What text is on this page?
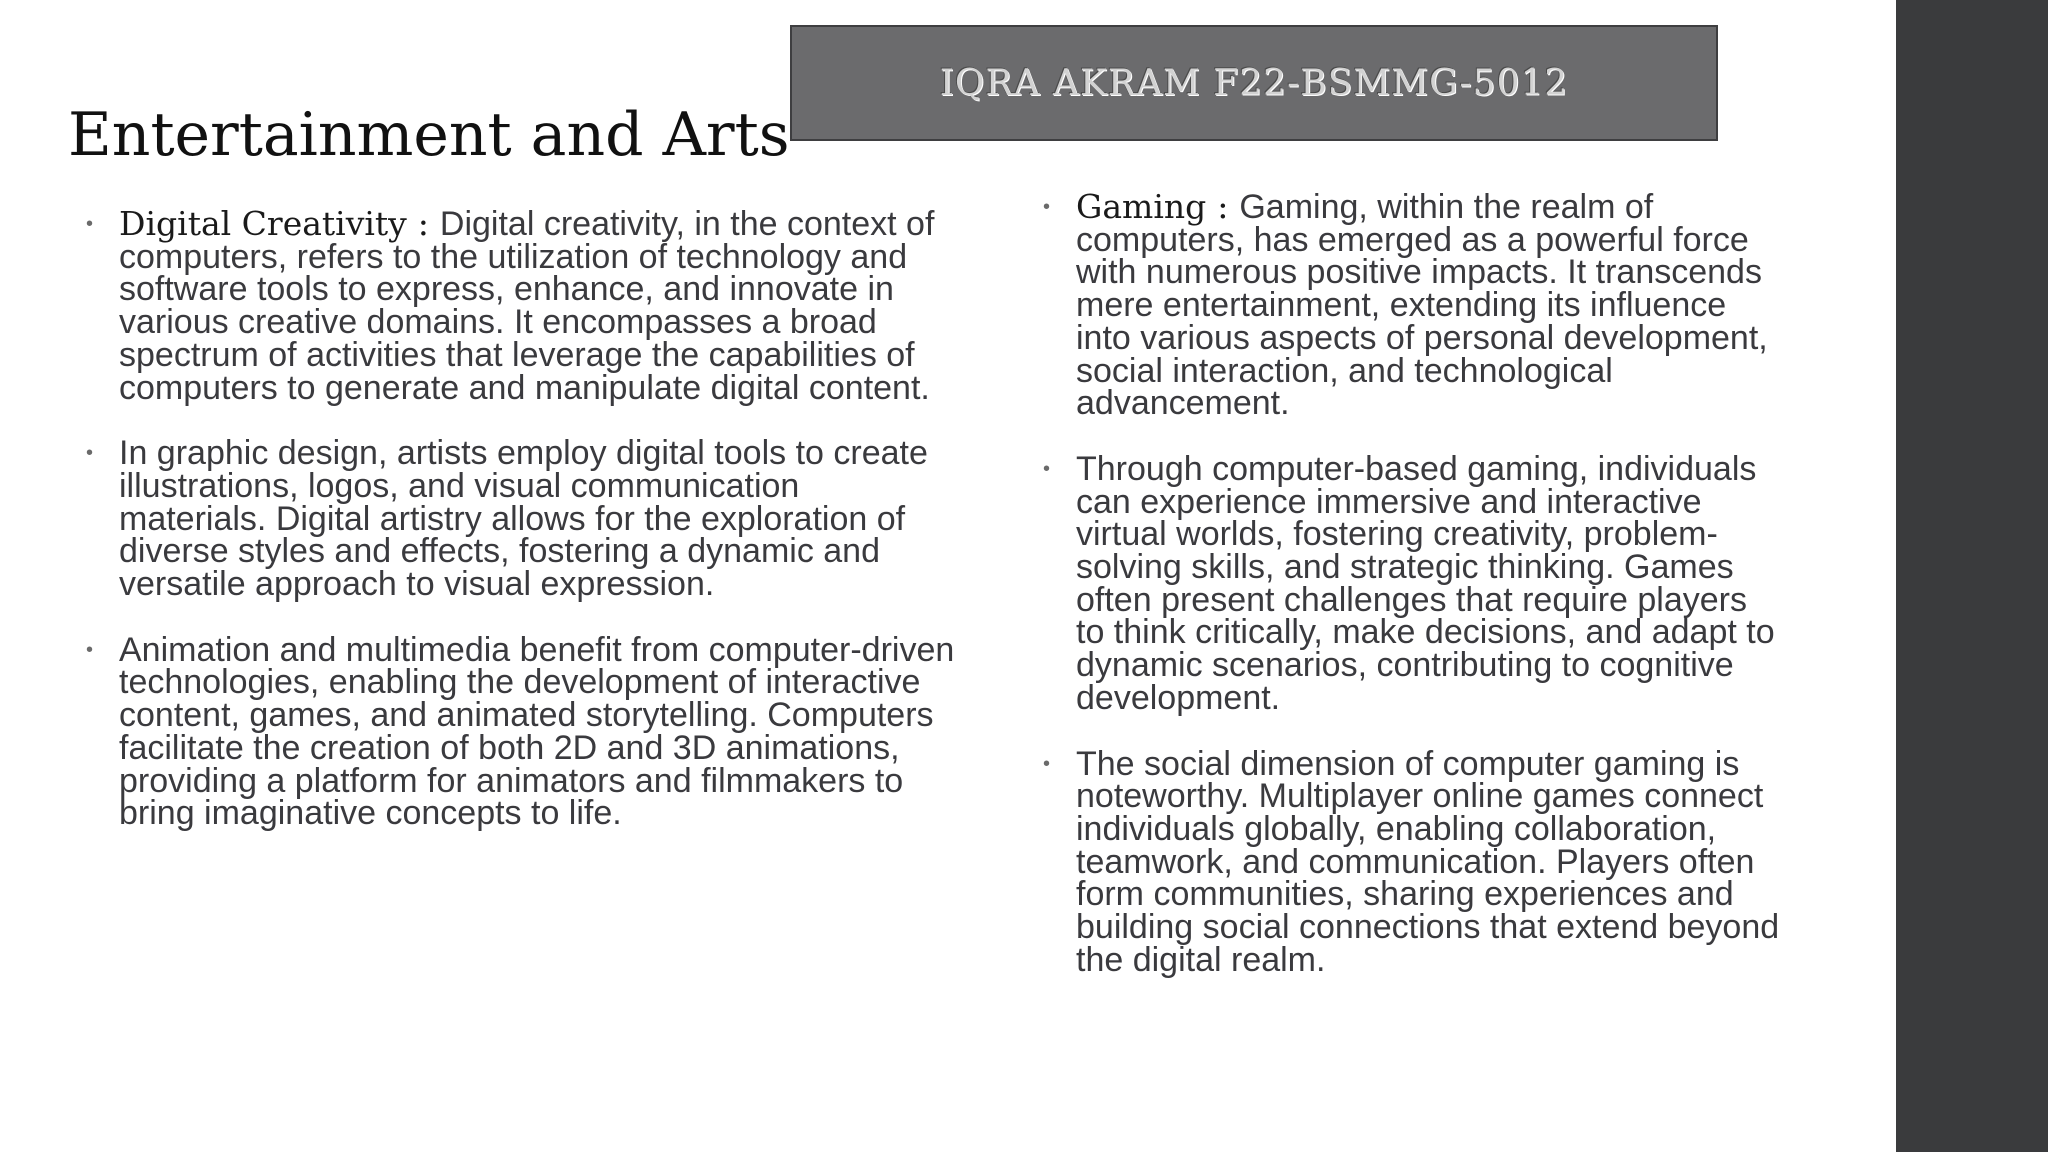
IQRA AKRAM F22-BSMMG-5012
Entertainment and Arts
• Digital Creativity : Digital creativity, in the context of computers, refers to the utilization of technology and software tools to express, enhance, and innovate in various creative domains. It encompasses a broad spectrum of activities that leverage the capabilities of computers to generate and manipulate digital content.
• In graphic design, artists employ digital tools to create illustrations, logos, and visual communication materials. Digital artistry allows for the exploration of diverse styles and effects, fostering a dynamic and versatile approach to visual expression.
• Animation and multimedia benefit from computer-driven technologies, enabling the development of interactive content, games, and animated storytelling. Computers facilitate the creation of both 2D and 3D animations, providing a platform for animators and filmmakers to bring imaginative concepts to life.
• Gaming : Gaming, within the realm of computers, has emerged as a powerful force with numerous positive impacts. It transcends mere entertainment, extending its influence into various aspects of personal development, social interaction, and technological advancement.
• Through computer-based gaming, individuals can experience immersive and interactive virtual worlds, fostering creativity, problem-solving skills, and strategic thinking. Games often present challenges that require players to think critically, make decisions, and adapt to dynamic scenarios, contributing to cognitive development.
• The social dimension of computer gaming is noteworthy. Multiplayer online games connect individuals globally, enabling collaboration, teamwork, and communication. Players often form communities, sharing experiences and building social connections that extend beyond the digital realm.
